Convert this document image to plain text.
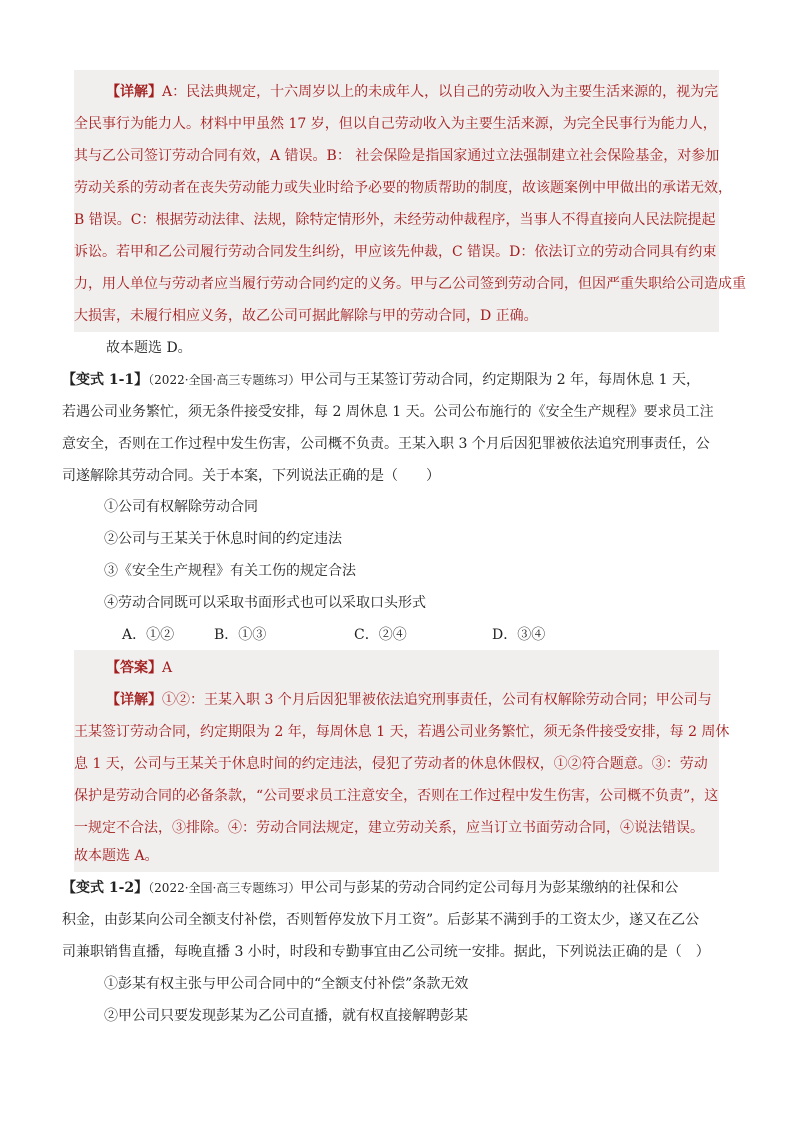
【详解】A：民法典规定，十六周岁以上的未成年人，以自己的劳动收入为主要生活来源的，视为完
全民事行为能力人。材料中甲虽然 17 岁，但以自己劳动收入为主要生活来源，为完全民事行为能力人，
其与乙公司签订劳动合同有效，A 错误。B： 社会保险是指国家通过立法强制建立社会保险基金，对参加
劳动关系的劳动者在丧失劳动能力或失业时给予必要的物质帮助的制度，故该题案例中甲做出的承诺无效，
B 错误。C：根据劳动法律、法规，除特定情形外，未经劳动仲裁程序，当事人不得直接向人民法院提起
诉讼。若甲和乙公司履行劳动合同发生纠纷，甲应该先仲裁，C 错误。D：依法订立的劳动合同具有约束
力，用人单位与劳动者应当履行劳动合同约定的义务。甲与乙公司签到劳动合同，但因严重失职给公司造成重
大损害，未履行相应义务，故乙公司可据此解除与甲的劳动合同，D 正确。
故本题选 D。
【变式 1-1】（2022·全国·高三专题练习）甲公司与王某签订劳动合同，约定期限为 2 年，每周休息 1 天，
若遇公司业务繁忙，须无条件接受安排，每 2 周休息 1 天。公司公布施行的《安全生产规程》要求员工注
意安全，否则在工作过程中发生伤害，公司概不负责。王某入职 3 个月后因犯罪被依法追究刑事责任，公
司遂解除其劳动合同。关于本案，下列说法正确的是（　　）
①公司有权解除劳动合同
②公司与王某关于休息时间的约定违法
③《安全生产规程》有关工伤的规定合法
④劳动合同既可以采取书面形式也可以采取口头形式
A．①②	B．①③	C．②④	D．③④
【答案】A
【详解】①②：王某入职 3 个月后因犯罪被依法追究刑事责任，公司有权解除劳动合同；甲公司与
王某签订劳动合同，约定期限为 2 年，每周休息 1 天，若遇公司业务繁忙，须无条件接受安排，每 2 周休
息 1 天，公司与王某关于休息时间的约定违法，侵犯了劳动者的休息休假权，①②符合题意。③：劳动
保护是劳动合同的必备条款，“公司要求员工注意安全，否则在工作过程中发生伤害，公司概不负责”，这
一规定不合法，③排除。④：劳动合同法规定，建立劳动关系，应当订立书面劳动合同，④说法错误。
故本题选 A。
【变式 1-2】（2022·全国·高三专题练习）甲公司与彭某的劳动合同约定公司每月为彭某缴纳的社保和公
积金，由彭某向公司全额支付补偿，否则暂停发放下月工资”。后彭某不满到手的工资太少，遂又在乙公
司兼职销售直播，每晚直播 3 小时，时段和专勤事宜由乙公司统一安排。据此，下列说法正确的是（　）
①彭某有权主张与甲公司合同中的“全额支付补偿”条款无效
②甲公司只要发现彭某为乙公司直播，就有权直接解聘彭某
